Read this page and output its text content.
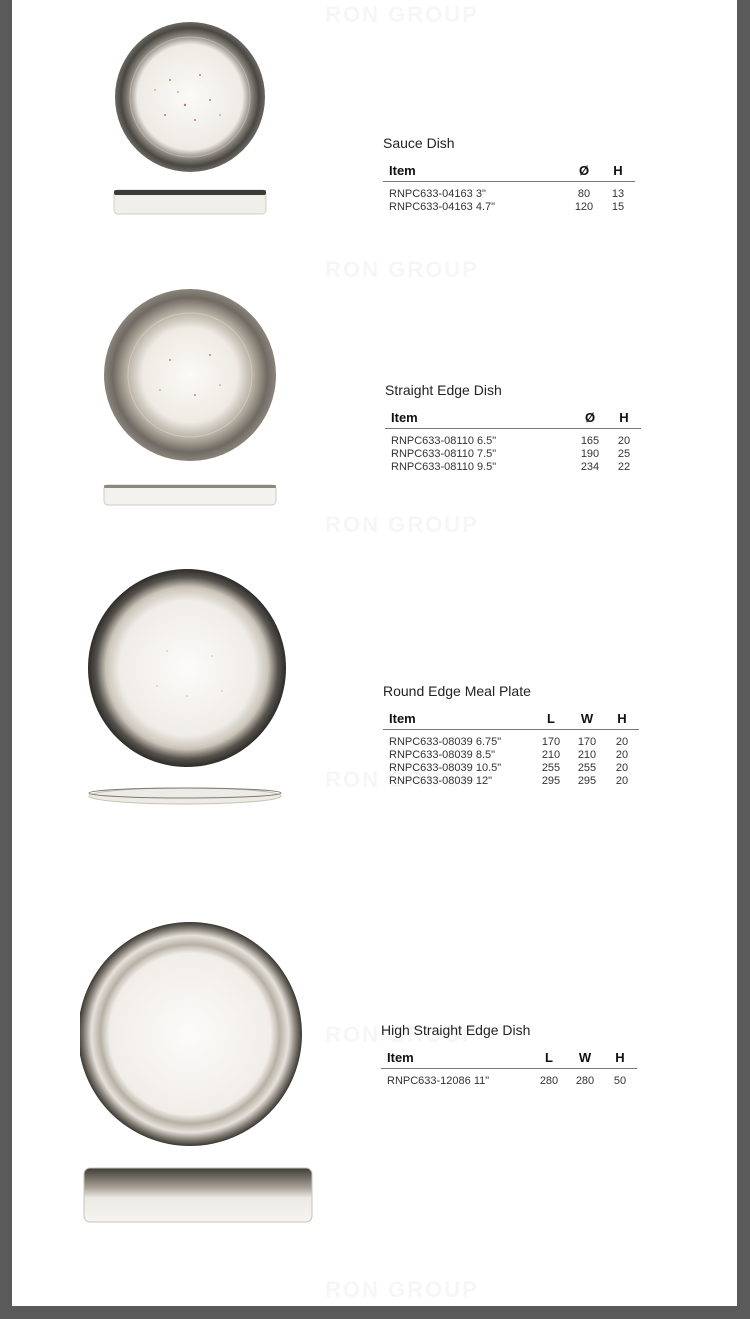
Sauce Dish
Item	Ø	H
RNPC633-04163 3"	80	13
RNPC633-04163 4.7"	120	15
Straight Edge Dish
Item	Ø	H
RNPC633-08110 6.5"	165	20
RNPC633-08110 7.5"	190	25
RNPC633-08110 9.5"	234	22
Round Edge Meal Plate
Item	L	W	H
RNPC633-08039 6.75"	170	170	20
RNPC633-08039 8.5"	210	210	20
RNPC633-08039 10.5"	255	255	20
RNPC633-08039 12"	295	295	20
High Straight Edge Dish
Item	L	W	H
RNPC633-12086 11"	280	280	50
